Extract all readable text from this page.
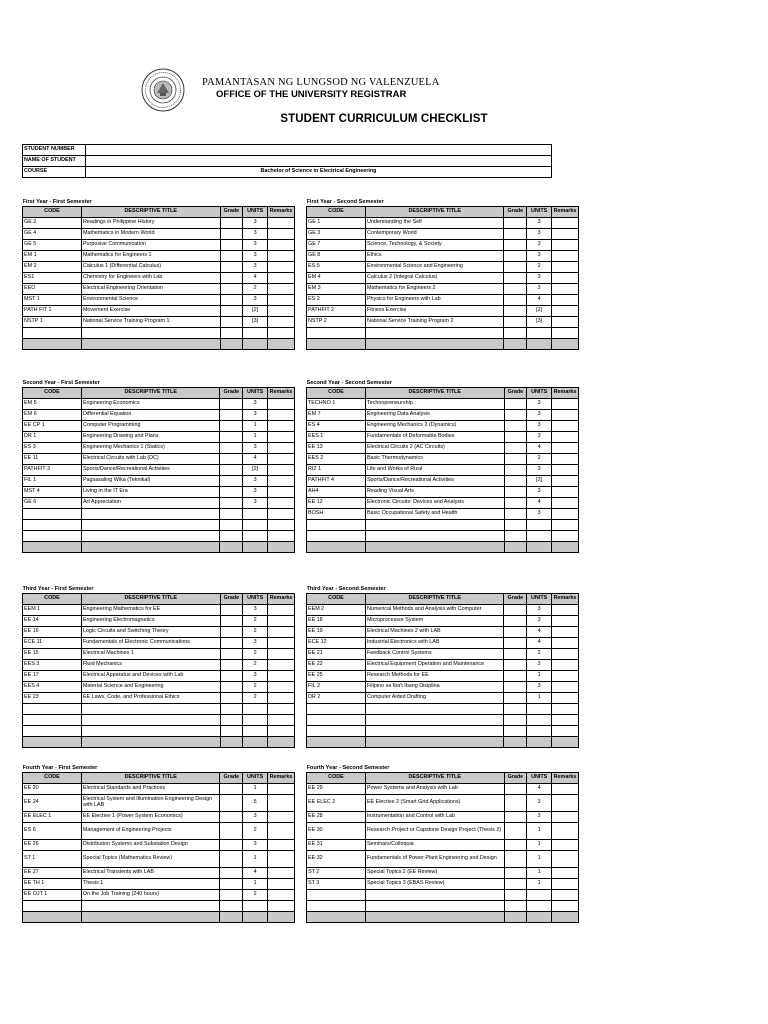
PAMANTASAN NG LUNGSOD NG VALENZUELA
OFFICE OF THE UNIVERSITY REGISTRAR
STUDENT CURRICULUM CHECKLIST
STUDENT NUMBER	
NAME OF STUDENT	
COURSE	Bachelor of Science in Electrical Engineering
First Year - First Semester				
CODE	DESCRIPTIVE TITLE	Grade	UNITS	Remarks
GE 2	Readings in Philippine History		3	
GE 4	Mathematics in Modern World		3	
GE 5	Purposive Communication		3	
EM 1	Mathematics for Engineers 1		3	
EM 2	Calculus 1 (Differential Calculus)		3	
ES1	Chemistry for Engineers with Lab		4	
EEO	Electrical Engineering Orientation		2	
MST 1	Environmental Science		3	
PATH FIT 1	Movement Exercise		[2]	
NSTP 1	National Service Training Program 1		[3]	

First Year - Second Semester				
CODE	DESCRIPTIVE TITLE	Grade	UNITS	Remarks
GE 1	Understanding the Self		3	
GE 3	Contemporary World		3	
GE 7	Science, Technology, & Society		3	
GE 8	Ethics		3	
ES 5	Environmental Science and Engineering		2	
EM 4	Calculus 2 (Integral Calculus)		3	
EM 3	Mathematics for Engineers 2		3	
ES 2	Physics for Engineers with Lab		4	
PATHFIT 2	Fitness Exercise		[2]	
NSTP 2	National Service Training Program 2		[3]	

Second Year - First Semester				
CODE	DESCRIPTIVE TITLE	Grade	UNITS	Remarks
EM 5	Engineering Economics		3	
EM 6	Differential Equation		3	
EE CP 1	Computer Programming		1	
DR 1	Engineering Drawing and Plans		1	
ES 3	Engineering Mechanics 1 (Statics)		3	
EE 11	Electrical Circuits with Lab (DC)		4	
PATHFIT 3	Sports/Dance/Recreational Activities		[2]	
FIL 1	Pagsasaling Wika (Teknikal)		3	
MST 4	Living in the IT Era		3	
GE 6	Art Appreciation		3	

Second Year - Second Semester				
CODE	DESCRIPTIVE TITLE	Grade	UNITS	Remarks
TECHNO 1	Technopreneurship		3	
EM 7	Engineering Data Analysis		3	
ES 4	Engineering Mechanics 2 (Dynamics)		3	
EES 1	Fundamentals of Deformable Bodies		3	
EE 13	Electrical Circuits 2 (AC Circuits)		4	
EES 2	Basic Thermodynamics		2	
RIZ 1	Life and Works of Rizal		3	
PATHFIT 4	Sports/Dance/Recreational Activities		[2]	
AH4	Reading Visual Arts		3	
EE 12	Electronic Circuits: Devices and Analysis		4	
BOSH	Basic Occupational Safety and Health		3	

Third Year - First Semester				
CODE	DESCRIPTIVE TITLE	Grade	UNITS	Remarks
EEM 1	Engineering Mathematics for EE		3	
EE 14	Engineering Electromagnetics		2	
EE 16	Logic Circuits and Switching Theory		2	
ECE 11	Fundamentals of Electronic Communications		3	
EE 15	Electrical Machines 1		2	
EES 3	Fluid Mechanics		2	
EE 17	Electrical Apparatus and Devices with Lab		3	
EES 4	Material Science and Engineering		2	
EE 23	EE Laws, Code, and Professional Ethics		2	

Third Year - Second Semester				
CODE	DESCRIPTIVE TITLE	Grade	UNITS	Remarks
EEM 2	Numerical Methods and Analysis with Computer		3	
EE 18	Microprocessor System		3	
EE 19	Electrical Machines 2 with LAB		4	
ECE 12	Industrial Electronics with LAB		4	
EE 21	Feedback Control Systems		2	
EE 22	Electrical Equipment Operation and Maintenance		3	
EE 25	Research Methods for EE		1	
FIL 2	Filipino sa Iba't Ibang Disiplina		3	
DR 2	Computer Aided Drafting		1	

Fourth Year - First Semester				
CODE	DESCRIPTIVE TITLE	Grade	UNITS	Remarks
EE 20	Electrical Standards and Practices		1	
EE 24	Electrical System and Illumination Engineering Design with LAB		5	
EE ELEC 1	EE Elective 1 (Power System Economics)		3	
ES 6	Management of Engineering Projects		2	
EE 26	Distribution Systems and Substation Design		3	
ST 1	Special Topics (Mathematics Review)		1	
EE 27	Electrical Transients with LAB		4	
EE TH 1	Thesis 1		1	
EE OJT 1	On the Job Training (240 hours)		2	

Fourth Year - Second Semester				
CODE	DESCRIPTIVE TITLE	Grade	UNITS	Remarks
EE 29	Power Systems and Analysis with Lab		4	
EE ELEC 2	EE Elective 2 (Smart Grid Applications)		3	
EE 28	Instrumentation and Control with Lab		3	
EE 30	Research Project or Capstone Design Project (Thesis 2)		1	
EE 31	Seminars/Colloquia		1	
EE 32	Fundamentals of Power Plant Engineering and Design		1	
ST 2	Special Topics 2 (EE Review)		1	
ST 3	Special Topics 3 (EBAS Review)		1	
